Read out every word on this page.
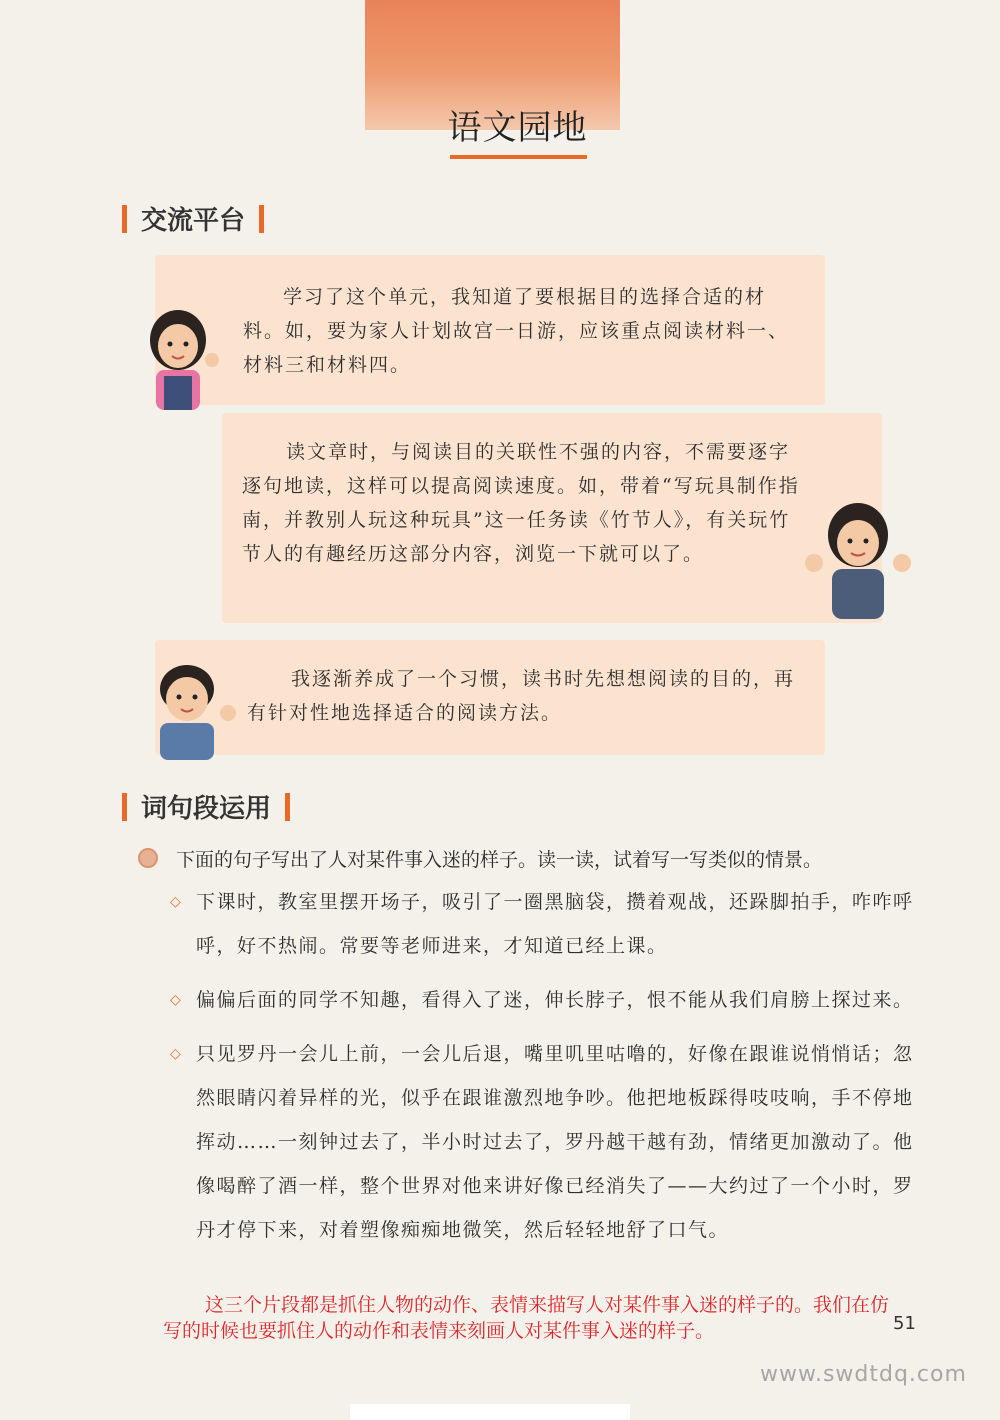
语文园地
交流平台

学习了这个单元，我知道了要根据目的选择合适的材料。如，要为家人计划故宫一日游，应该重点阅读材料一、材料三和材料四。

读文章时，与阅读目的关联性不强的内容，不需要逐字逐句地读，这样可以提高阅读速度。如，带着“写玩具制作指南，并教别人玩这种玩具”这一任务读《竹节人》，有关玩竹节人的有趣经历这部分内容，浏览一下就可以了。

我逐渐养成了一个习惯，读书时先想想阅读的目的，再有针对性地选择适合的阅读方法。

词句段运用
下面的句子写出了人对某件事入迷的样子。读一读，试着写一写类似的情景。
◇ 下课时，教室里摆开场子，吸引了一圈黑脑袋，攒着观战，还跺脚拍手，咋咋呼呼，好不热闹。常要等老师进来，才知道已经上课。
◇ 偏偏后面的同学不知趣，看得入了迷，伸长脖子，恨不能从我们肩膀上探过来。
◇ 只见罗丹一会儿上前，一会儿后退，嘴里叽里咕噜的，好像在跟谁说悄悄话；忽然眼睛闪着异样的光，似乎在跟谁激烈地争吵。他把地板踩得吱吱响，手不停地挥动……一刻钟过去了，半小时过去了，罗丹越干越有劲，情绪更加激动了。他像喝醉了酒一样，整个世界对他来讲好像已经消失了——大约过了一个小时，罗丹才停下来，对着塑像痴痴地微笑，然后轻轻地舒了口气。
这三个片段都是抓住人物的动作、表情来描写人对某件事入迷的样子的。我们在仿写的时候也要抓住人的动作和表情来刻画人对某件事入迷的样子。	51
www.swdtdq.com
